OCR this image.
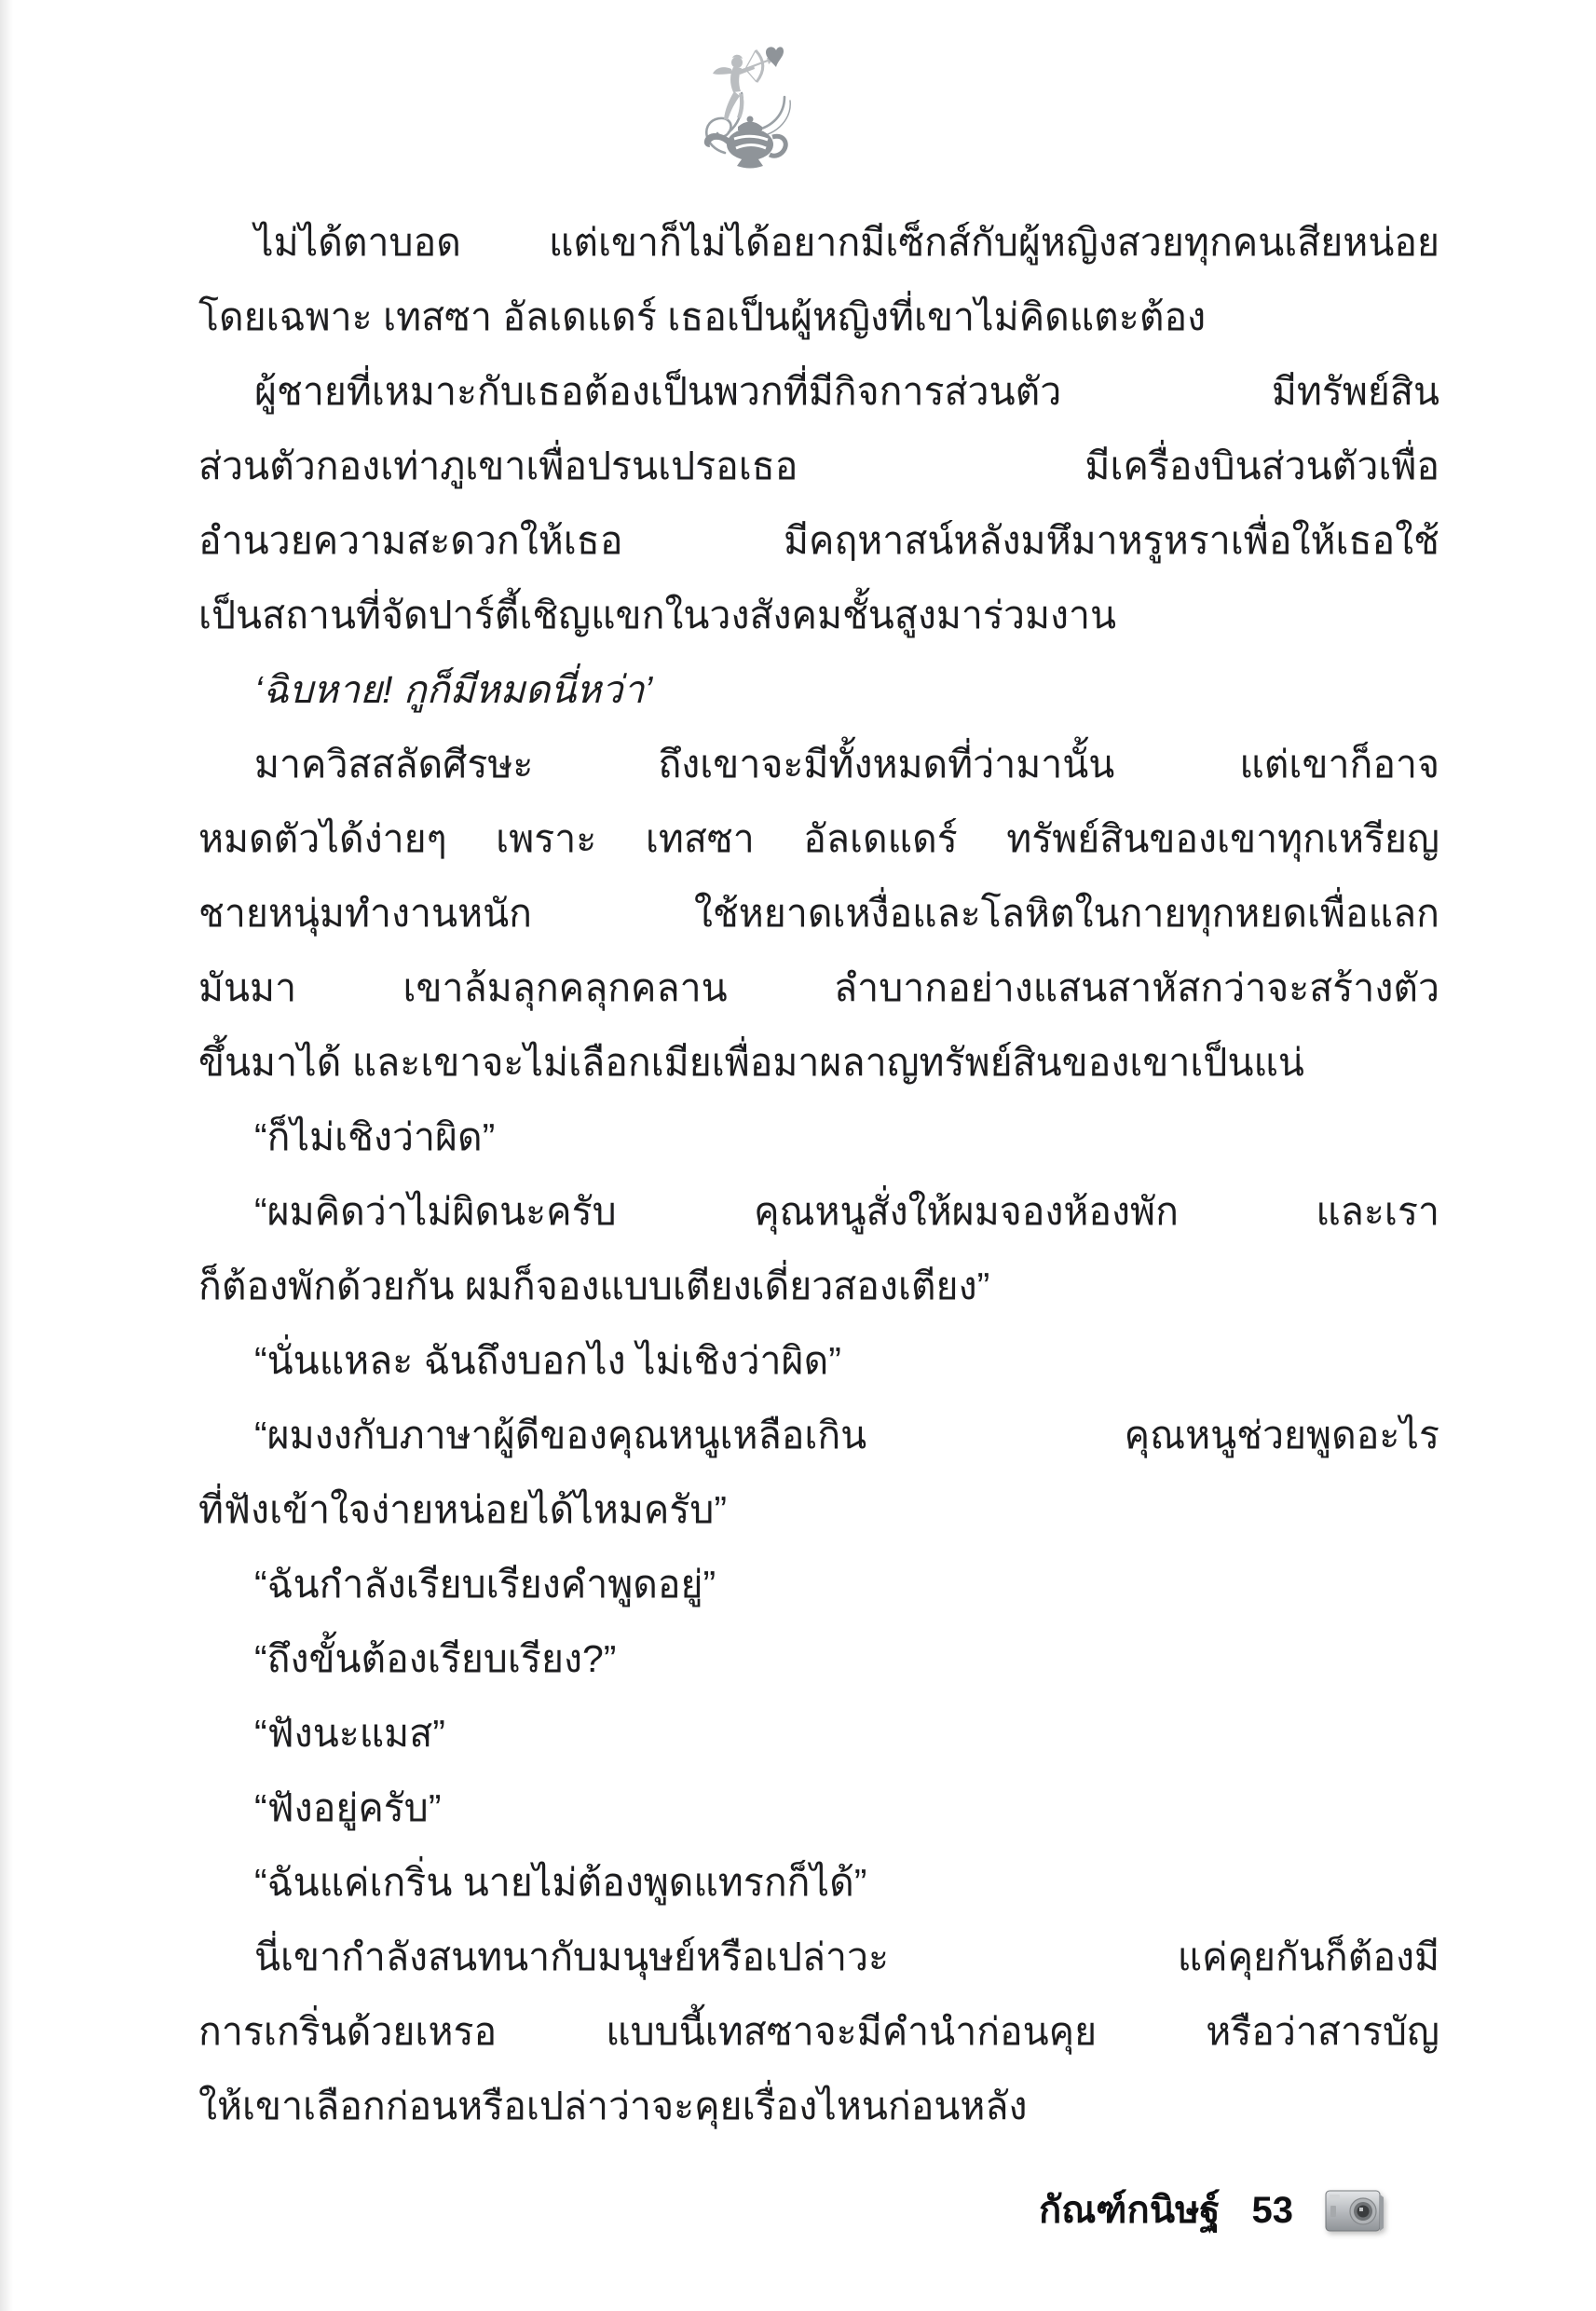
ไม่ได้ตาบอด แต่เขาก็ไม่ได้อยากมีเซ็กส์กับผู้หญิงสวยทุกคนเสียหน่อย
โดยเฉพาะ เทสซา อัลเดแดร์ เธอเป็นผู้หญิงที่เขาไม่คิดแตะต้อง
ผู้ชายที่เหมาะกับเธอต้องเป็นพวกที่มีกิจการส่วนตัว มีทรัพย์สิน
ส่วนตัวกองเท่าภูเขาเพื่อปรนเปรอเธอ มีเครื่องบินส่วนตัวเพื่อ
อำนวยความสะดวกให้เธอ มีคฤหาสน์หลังมหึมาหรูหราเพื่อให้เธอใช้
เป็นสถานที่จัดปาร์ตี้เชิญแขกในวงสังคมชั้นสูงมาร่วมงาน
‘ฉิบหาย! กูก็มีหมดนี่หว่า’
มาควิสสลัดศีรษะ ถึงเขาจะมีทั้งหมดที่ว่ามานั้น แต่เขาก็อาจ
หมดตัวได้ง่ายๆ เพราะ เทสซา อัลเดแดร์ ทรัพย์สินของเขาทุกเหรียญ
ชายหนุ่มทำงานหนัก ใช้หยาดเหงื่อและโลหิตในกายทุกหยดเพื่อแลก
มันมา เขาล้มลุกคลุกคลาน ลำบากอย่างแสนสาหัสกว่าจะสร้างตัว
ขึ้นมาได้ และเขาจะไม่เลือกเมียเพื่อมาผลาญทรัพย์สินของเขาเป็นแน่
“ก็ไม่เชิงว่าผิด”
“ผมคิดว่าไม่ผิดนะครับ คุณหนูสั่งให้ผมจองห้องพัก และเรา
ก็ต้องพักด้วยกัน ผมก็จองแบบเตียงเดี่ยวสองเตียง”
“นั่นแหละ ฉันถึงบอกไง ไม่เชิงว่าผิด”
“ผมงงกับภาษาผู้ดีของคุณหนูเหลือเกิน คุณหนูช่วยพูดอะไร
ที่ฟังเข้าใจง่ายหน่อยได้ไหมครับ”
“ฉันกำลังเรียบเรียงคำพูดอยู่”
“ถึงขั้นต้องเรียบเรียง?”
“ฟังนะแมส”
“ฟังอยู่ครับ”
“ฉันแค่เกริ่น นายไม่ต้องพูดแทรกก็ได้”
นี่เขากำลังสนทนากับมนุษย์หรือเปล่าวะ แค่คุยกันก็ต้องมี
การเกริ่นด้วยเหรอ แบบนี้เทสซาจะมีคำนำก่อนคุย หรือว่าสารบัญ
ให้เขาเลือกก่อนหรือเปล่าว่าจะคุยเรื่องไหนก่อนหลัง
กัณฑ์กนิษฐ์ 53
